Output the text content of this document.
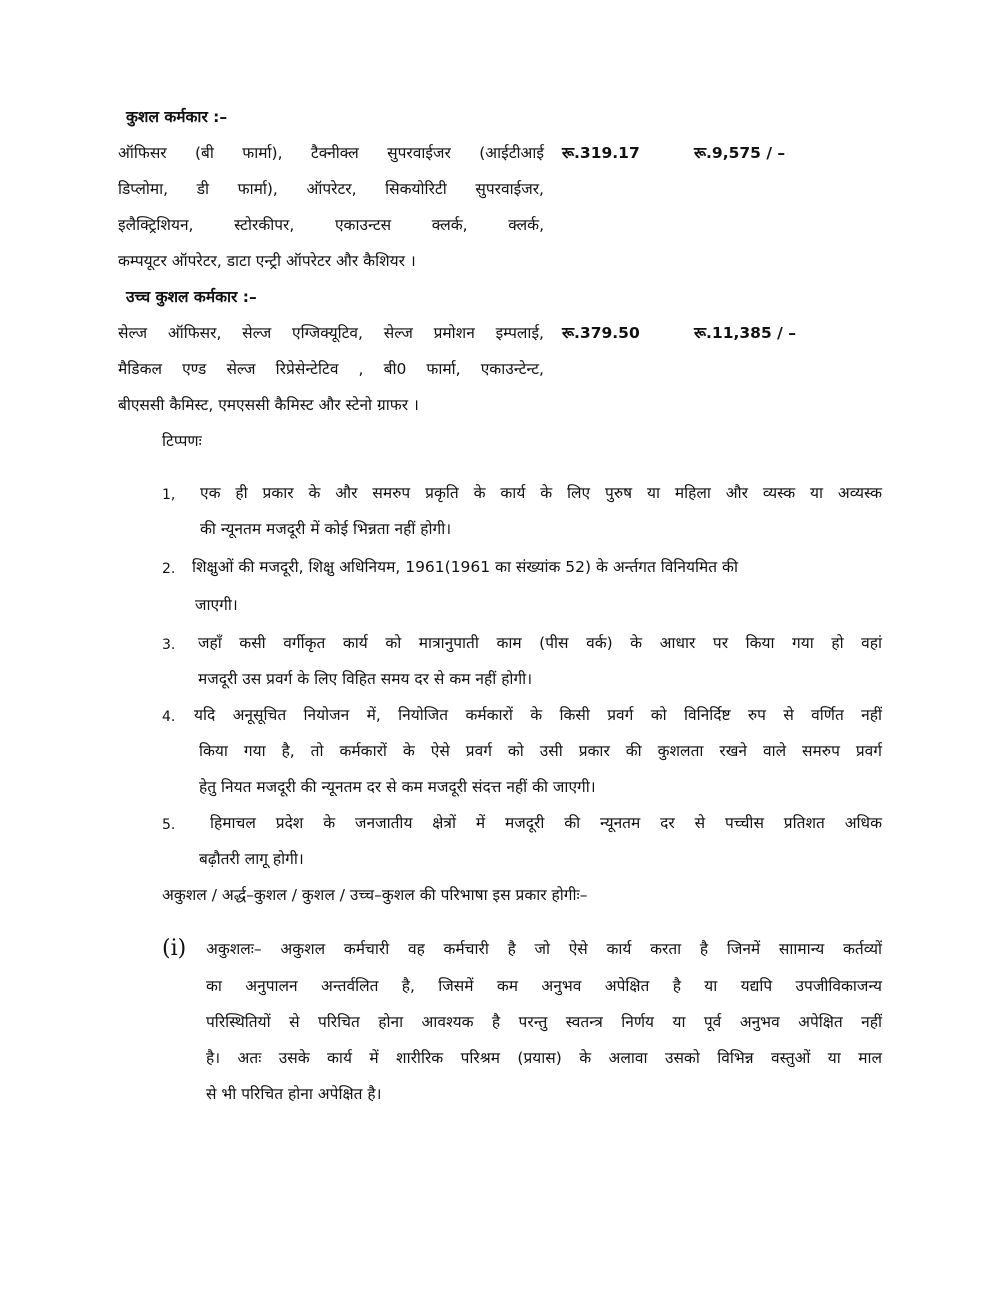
कुशल कर्मकार :–
ऑफिसर (बी फार्मा), टैक्नीक्ल सुपरवाईजर (आईटीआई
डिप्लोमा, डी फार्मा), ऑपरेटर, सिकयोरिटी सुपरवाईजर,
इलैक्ट्रिशियन, स्टोरकीपर, एकाउन्टस क्लर्क, क्लर्क,
कम्पयूटर ऑपरेटर, डाटा एन्ट्री ऑपरेटर और कैशियर ।
रू.319.17	रू.9,575 / –
उच्च कुशल कर्मकार :–
सेल्ज ऑफिसर, सेल्ज एग्जिक्यूटिव, सेल्ज प्रमोशन इम्पलाई,
मैडिकल एण्ड सेल्ज रिप्रेसेन्टेटिव , बी0 फार्मा, एकाउन्टेन्ट,
बीएससी कैमिस्ट, एमएससी कैमिस्ट और स्टेनो ग्राफर ।
रू.379.50	रू.11,385 / –
टिप्पणः
1, एक ही प्रकार के और समरुप प्रकृति के कार्य के लिए पुरुष या महिला और व्यस्क या अव्यस्क
की न्यूनतम मजदूरी में कोई भिन्नता नहीं होगी।
2. शिक्षुओं की मजदूरी, शिक्षु अधिनियम, 1961(1961 का संख्यांक 52) के अर्न्तगत विनियमित की
जाएगी।
3. जहाँ कसी वर्गीकृत कार्य को मात्रानुपाती काम (पीस वर्क) के आधार पर किया गया हो वहां
मजदूरी उस प्रवर्ग के लिए विहित समय दर से कम नहीं होगी।
4. यदि अनूसूचित नियोजन में, नियोजित कर्मकारों के किसी प्रवर्ग को विनिर्दिष्ट रुप से वर्णित नहीं
किया गया है, तो कर्मकारों के ऐसे प्रवर्ग को उसी प्रकार की कुशलता रखने वाले समरुप प्रवर्ग
हेतु नियत मजदूरी की न्यूनतम दर से कम मजदूरी संदत्त नहीं की जाएगी।
5. हिमाचल प्रदेश के जनजातीय क्षेत्रों में मजदूरी की न्यूनतम दर से पच्चीस प्रतिशत अधिक
बढ़ौतरी लागू होगी।
अकुशल / अर्द्ध–कुशल / कुशल / उच्च–कुशल की परिभाषा इस प्रकार होगीः–
(i) अकुशलः– अकुशल कर्मचारी वह कर्मचारी है जो ऐसे कार्य करता है जिनमें साामान्य कर्तव्यों
का अनुपालन अन्तर्वलित है, जिसमें कम अनुभव अपेक्षित है या यद्यपि उपजीविकाजन्य
परिस्थितियों से परिचित होना आवश्यक है परन्तु स्वतन्त्र निर्णय या पूर्व अनुभव अपेक्षित नहीं
है। अतः उसके कार्य में शारीरिक परिश्रम (प्रयास) के अलावा उसको विभिन्न वस्तुओं या माल
से भी परिचित होना अपेक्षित है।
